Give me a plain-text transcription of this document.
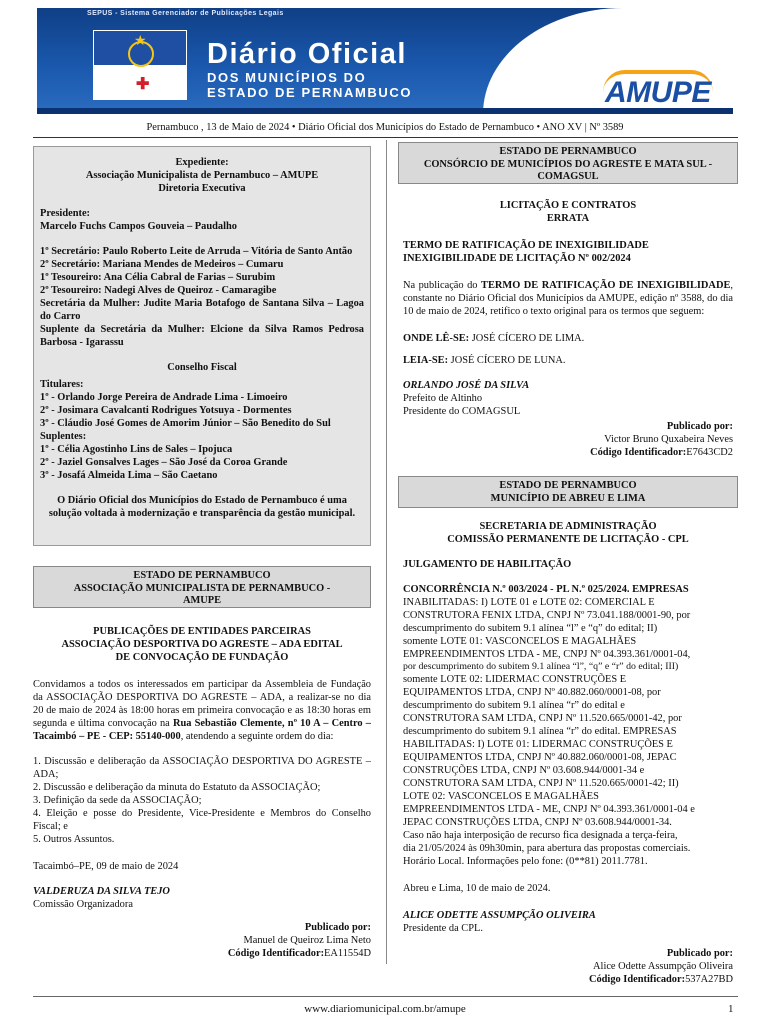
SEPUS - Sistema Gerenciador de Publicações Legais
★
✚
Diário Oficial
DOS MUNICÍPIOS DO
ESTADO DE PERNAMBUCO	AMUPE
Pernambuco , 13 de Maio de 2024 • Diário Oficial dos Municípios do Estado de Pernambuco • ANO XV | Nº 3589
Expediente:
Associação Municipalista de Pernambuco – AMUPE
Diretoria Executiva
Presidente:
Marcelo Fuchs Campos Gouveia – Paudalho
1º Secretário: Paulo Roberto Leite de Arruda – Vitória de Santo Antão
2º Secretário: Mariana Mendes de Medeiros – Cumaru
1º Tesoureiro: Ana Célia Cabral de Farias – Surubim
2º Tesoureiro: Nadegi Alves de Queiroz - Camaragibe
Secretária da Mulher: Judite Maria Botafogo de Santana Silva – Lagoa do Carro
Suplente da Secretária da Mulher: Elcione da Silva Ramos Pedrosa Barbosa - Igarassu
Conselho Fiscal
Titulares:
1º - Orlando Jorge Pereira de Andrade Lima - Limoeiro
2º - Josimara Cavalcanti Rodrigues Yotsuya - Dormentes
3º - Cláudio José Gomes de Amorim Júnior – São Benedito do Sul
Suplentes:
1º - Célia Agostinho Lins de Sales – Ipojuca
2º - Jaziel Gonsalves Lages – São José da Coroa Grande
3º - Josafá Almeida Lima – São Caetano
O Diário Oficial dos Municípios do Estado de Pernambuco é uma solução voltada à modernização e transparência da gestão municipal.
ESTADO DE PERNAMBUCO
ASSOCIAÇÃO MUNICIPALISTA DE PERNAMBUCO -
AMUPE
PUBLICAÇÕES DE ENTIDADES PARCEIRAS
ASSOCIAÇÃO DESPORTIVA DO AGRESTE – ADA EDITAL
DE CONVOCAÇÃO DE FUNDAÇÃO
Convidamos a todos os interessados em participar da Assembleia de Fundação da ASSOCIAÇÃO DESPORTIVA DO AGRESTE – ADA, a realizar-se no dia 20 de maio de 2024 às 18:00 horas em primeira convocação e as 18:30 horas em segunda e última convocação na Rua Sebastião Clemente, nº 10 A – Centro – Tacaimbó – PE - CEP: 55140-000, atendendo a seguinte ordem do dia:
1. Discussão e deliberação da ASSOCIAÇÃO DESPORTIVA DO AGRESTE – ADA;
2. Discussão e deliberação da minuta do Estatuto da ASSOCIAÇÃO;
3. Definição da sede da ASSOCIAÇÃO;
4. Eleição e posse do Presidente, Vice-Presidente e Membros do Conselho Fiscal; e
5. Outros Assuntos.
Tacaimbó–PE, 09 de maio de 2024
VALDERUZA DA SILVA TEJO
Comissão Organizadora
Publicado por:
Manuel de Queiroz Lima Neto
Código Identificador:EA11554D
ESTADO DE PERNAMBUCO
CONSÓRCIO DE MUNICÍPIOS DO AGRESTE E MATA SUL -
COMAGSUL
LICITAÇÃO E CONTRATOS
ERRATA
TERMO DE RATIFICAÇÃO DE INEXIGIBILIDADE
INEXIGIBILIDADE DE LICITAÇÃO Nº 002/2024
Na publicação do TERMO DE RATIFICAÇÃO DE INEXIGIBILIDADE, constante no Diário Oficial dos Municípios da AMUPE, edição nº 3588, do dia 10 de maio de 2024, retifico o texto original para os termos que seguem:
ONDE LÊ-SE: JOSÉ CÍCERO DE LIMA.
LEIA-SE: JOSÉ CÍCERO DE LUNA.
ORLANDO JOSÉ DA SILVA
Prefeito de Altinho
Presidente do COMAGSUL
Publicado por:
Victor Bruno Quxabeira Neves
Código Identificador:E7643CD2
ESTADO DE PERNAMBUCO
MUNICÍPIO DE ABREU E LIMA
SECRETARIA DE ADMINISTRAÇÃO
COMISSÃO PERMANENTE DE LICITAÇÃO - CPL
JULGAMENTO DE HABILITAÇÃO
CONCORRÊNCIA N.º 003/2024 - PL N.º 025/2024. EMPRESAS
INABILITADAS: I) LOTE 01 e LOTE 02: COMERCIAL E
CONSTRUTORA FENIX LTDA, CNPJ Nº 73.041.188/0001-90, por
descumprimento do subitem 9.1 alínea “l” e “q” do edital; II)
somente LOTE 01: VASCONCELOS E MAGALHÃES
EMPREENDIMENTOS LTDA - ME, CNPJ Nº 04.393.361/0001-04,
por descumprimento do subitem 9.1 alínea “l”, “q” e “r” do edital; III)
somente LOTE 02: LIDERMAC CONSTRUÇÕES E
EQUIPAMENTOS LTDA, CNPJ Nº 40.882.060/0001-08, por
descumprimento do subitem 9.1 alínea “r” do edital e
CONSTRUTORA SAM LTDA, CNPJ Nº 11.520.665/0001-42, por
descumprimento do subitem 9.1 alínea “r” do edital. EMPRESAS
HABILITADAS: I) LOTE 01: LIDERMAC CONSTRUÇÕES E
EQUIPAMENTOS LTDA, CNPJ Nº 40.882.060/0001-08, JEPAC
CONSTRUÇÕES LTDA, CNPJ Nº 03.608.944/0001-34 e
CONSTRUTORA SAM LTDA, CNPJ Nº 11.520.665/0001-42; II)
LOTE 02: VASCONCELOS E MAGALHÃES
EMPREENDIMENTOS LTDA - ME, CNPJ Nº 04.393.361/0001-04 e
JEPAC CONSTRUÇÕES LTDA, CNPJ Nº 03.608.944/0001-34.
Caso não haja interposição de recurso fica designada a terça-feira,
dia 21/05/2024 às 09h30min, para abertura das propostas comerciais.
Horário Local. Informações pelo fone: (0**81) 2011.7781.
Abreu e Lima, 10 de maio de 2024.
ALICE ODETTE ASSUMPÇÃO OLIVEIRA
Presidente da CPL.
Publicado por:
Alice Odette Assumpção Oliveira
Código Identificador:537A27BD
www.diariomunicipal.com.br/amupe	1
